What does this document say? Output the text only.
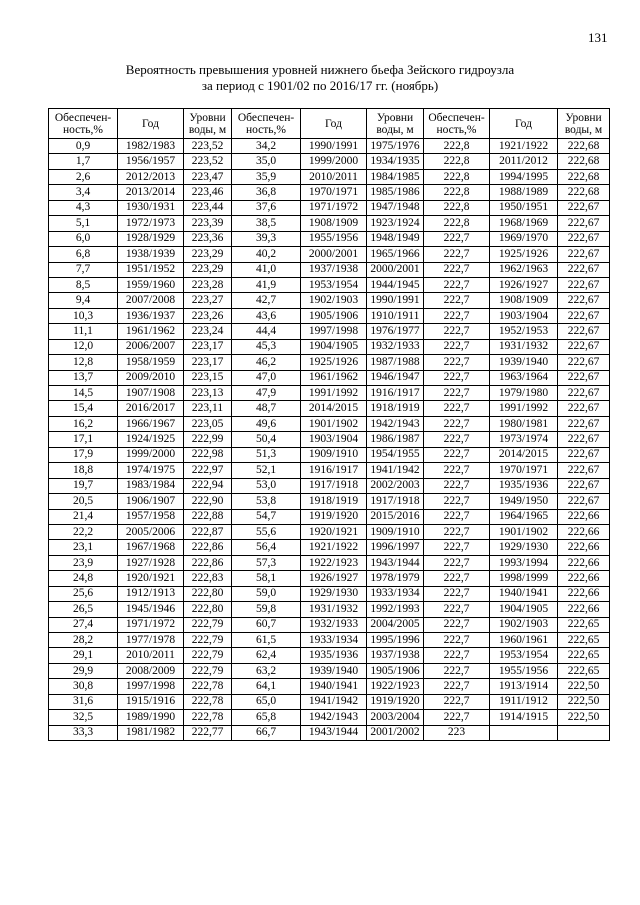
131
Вероятность превышения уровней нижнего бьефа Зейского гидроузла
за период с 1901/02 по 2016/17 гг. (ноябрь)
Обеспечен-ность,%	Год	Уровни воды, м	Обеспечен-ность,%	Год	Уровни воды, м	Обеспечен-ность,%	Год	Уровни воды, м
0,9	1982/1983	223,52	34,2	1990/1991	1975/1976	222,8	1921/1922	222,68
1,7	1956/1957	223,52	35,0	1999/2000	1934/1935	222,8	2011/2012	222,68
2,6	2012/2013	223,47	35,9	2010/2011	1984/1985	222,8	1994/1995	222,68
3,4	2013/2014	223,46	36,8	1970/1971	1985/1986	222,8	1988/1989	222,68
4,3	1930/1931	223,44	37,6	1971/1972	1947/1948	222,8	1950/1951	222,67
5,1	1972/1973	223,39	38,5	1908/1909	1923/1924	222,8	1968/1969	222,67
6,0	1928/1929	223,36	39,3	1955/1956	1948/1949	222,7	1969/1970	222,67
6,8	1938/1939	223,29	40,2	2000/2001	1965/1966	222,7	1925/1926	222,67
7,7	1951/1952	223,29	41,0	1937/1938	2000/2001	222,7	1962/1963	222,67
8,5	1959/1960	223,28	41,9	1953/1954	1944/1945	222,7	1926/1927	222,67
9,4	2007/2008	223,27	42,7	1902/1903	1990/1991	222,7	1908/1909	222,67
10,3	1936/1937	223,26	43,6	1905/1906	1910/1911	222,7	1903/1904	222,67
11,1	1961/1962	223,24	44,4	1997/1998	1976/1977	222,7	1952/1953	222,67
12,0	2006/2007	223,17	45,3	1904/1905	1932/1933	222,7	1931/1932	222,67
12,8	1958/1959	223,17	46,2	1925/1926	1987/1988	222,7	1939/1940	222,67
13,7	2009/2010	223,15	47,0	1961/1962	1946/1947	222,7	1963/1964	222,67
14,5	1907/1908	223,13	47,9	1991/1992	1916/1917	222,7	1979/1980	222,67
15,4	2016/2017	223,11	48,7	2014/2015	1918/1919	222,7	1991/1992	222,67
16,2	1966/1967	223,05	49,6	1901/1902	1942/1943	222,7	1980/1981	222,67
17,1	1924/1925	222,99	50,4	1903/1904	1986/1987	222,7	1973/1974	222,67
17,9	1999/2000	222,98	51,3	1909/1910	1954/1955	222,7	2014/2015	222,67
18,8	1974/1975	222,97	52,1	1916/1917	1941/1942	222,7	1970/1971	222,67
19,7	1983/1984	222,94	53,0	1917/1918	2002/2003	222,7	1935/1936	222,67
20,5	1906/1907	222,90	53,8	1918/1919	1917/1918	222,7	1949/1950	222,67
21,4	1957/1958	222,88	54,7	1919/1920	2015/2016	222,7	1964/1965	222,66
22,2	2005/2006	222,87	55,6	1920/1921	1909/1910	222,7	1901/1902	222,66
23,1	1967/1968	222,86	56,4	1921/1922	1996/1997	222,7	1929/1930	222,66
23,9	1927/1928	222,86	57,3	1922/1923	1943/1944	222,7	1993/1994	222,66
24,8	1920/1921	222,83	58,1	1926/1927	1978/1979	222,7	1998/1999	222,66
25,6	1912/1913	222,80	59,0	1929/1930	1933/1934	222,7	1940/1941	222,66
26,5	1945/1946	222,80	59,8	1931/1932	1992/1993	222,7	1904/1905	222,66
27,4	1971/1972	222,79	60,7	1932/1933	2004/2005	222,7	1902/1903	222,65
28,2	1977/1978	222,79	61,5	1933/1934	1995/1996	222,7	1960/1961	222,65
29,1	2010/2011	222,79	62,4	1935/1936	1937/1938	222,7	1953/1954	222,65
29,9	2008/2009	222,79	63,2	1939/1940	1905/1906	222,7	1955/1956	222,65
30,8	1997/1998	222,78	64,1	1940/1941	1922/1923	222,7	1913/1914	222,50
31,6	1915/1916	222,78	65,0	1941/1942	1919/1920	222,7	1911/1912	222,50
32,5	1989/1990	222,78	65,8	1942/1943	2003/2004	222,7	1914/1915	222,50
33,3	1981/1982	222,77	66,7	1943/1944	2001/2002	223		
